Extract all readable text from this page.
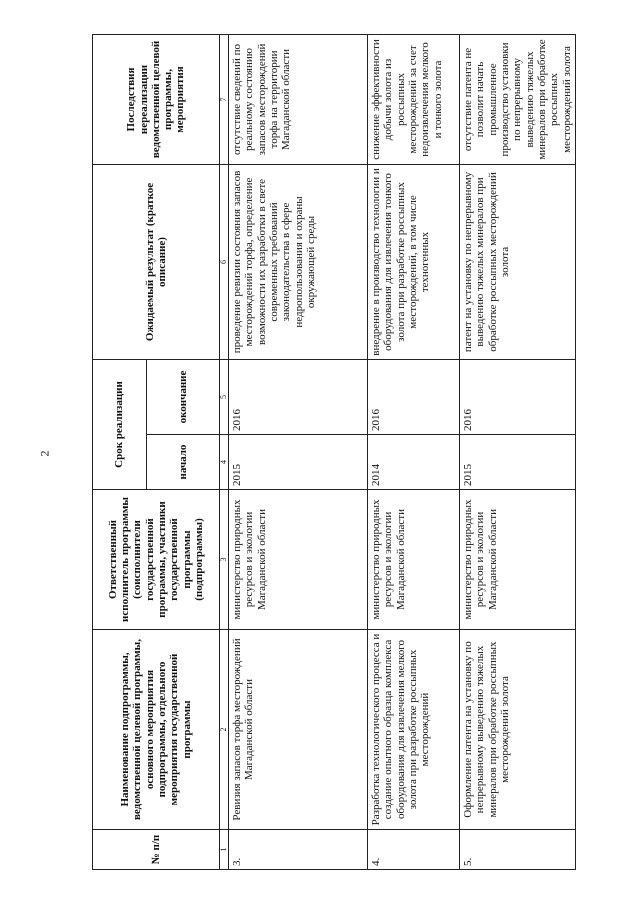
2
№ п/п	Наименование подпрограммы, ведомственной целевой программы, основного мероприятия подпрограммы, отдельного мероприятия государственной программы	Ответственный исполнитель программы (соисполнители государственной программы, участники государственной программы (подпрограммы)	Срок реализации		Ожидаемый результат (краткое описание)	Последствия нереализации ведомственной целевой программы, мероприятия
			начало	окончание		
1	2	3	4	5	6	7
3.	Ревизия запасов торфа месторождений Магаданской области	министерство природных ресурсов и экологии Магаданской области	2015	2016	проведение ревизии состояния запасов месторождений торфа, определение возможности их разработки в свете современных требований законодательства в сфере недропользования и охраны окружающей среды	отсутствие сведений по реальному состоянию запасов месторождений торфа на территории Магаданской области
4.	Разработка технологического процесса и создание опытного образца комплекса оборудования для извлечения мелкого золота при разработке россыпных месторождений	министерство природных ресурсов и экологии Магаданской области	2014	2016	внедрение в производство технологии и оборудования для извлечения тонкого золота при разработке россыпных месторождений, в том числе техногенных	снижение эффективности добычи золота из россыпных месторождений за счет недоизвлечения мелкого и тонкого золота
5.	Оформление патента на установку по непрерывному выведению тяжелых минералов при обработке россыпных месторождений золота	министерство природных ресурсов и экологии Магаданской области	2015	2016	патент на установку по непрерывному выведению тяжелых минералов при обработке россыпных месторождений золота	отсутствие патента не позволит начать промышленное производство установки по непрерывному выведению тяжелых минералов при обработке россыпных месторождений золота
